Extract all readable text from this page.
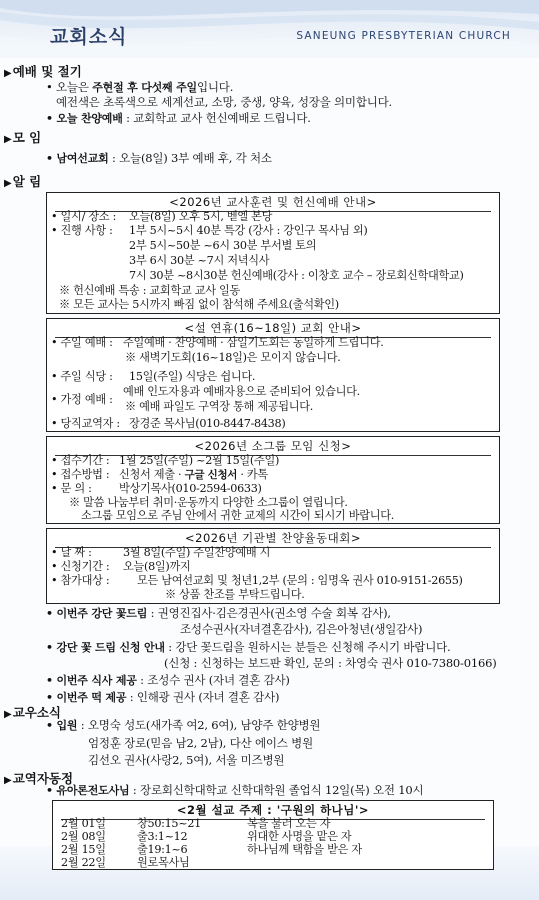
교회소식	SANEUNG PRESBYTERIAN CHURCH
▶예배 및 절기
• 오늘은 주현절 후 다섯째 주일입니다.
예전색은 초록색으로 세계선교, 소망, 중생, 양육, 성장을 의미합니다.
• 오늘 찬양예배 : 교회학교 교사 헌신예배로 드립니다.
▶모 임
• 남여선교회 : 오늘(8일) 3부 예배 후, 각 처소
▶알 림
<2026년 교사훈련 및 헌신예배 안내>
• 일시/ 장소 : 오늘(8일) 오후 5시, 벧엘 본당
• 진행 사항 : 1부 5시~5시 40분 특강 (강사 : 강인구 목사님 외)
2부 5시~50분 ~6시 30분 부서별 토의
3부 6시 30분 ~7시 저녁식사
7시 30분 ~8시30분 헌신예배(강사 : 이창호 교수 – 장로회신학대학교)
※ 헌신예배 특송 : 교회학교 교사 일동
※ 모든 교사는 5시까지 빠짐 없이 참석해 주세요(출석확인)
<설 연휴(16~18일) 교회 안내>
• 주일 예배 : 주일예배 · 찬양예배 · 삼일기도회는 동일하게 드립니다.
※ 새벽기도회(16~18일)은 모이지 않습니다.
• 주일 식당 : 15일(주일) 식당은 쉽니다.
예배 인도자용과 예배자용으로 준비되어 있습니다.
• 가정 예배 :
※ 예배 파일도 구역장 통해 제공됩니다.
• 당직교역자 : 장경준 목사님(010-8447-8438)
<2026년 소그룹 모임 신청>
• 접수기간 : 1월 25일(주일) ~2월 15일(주일)
• 접수방법 : 신청서 제출 · 구글 신청서 · 카톡
• 문 의 : 박상기목사(010-2594-0633)
※ 말씀 나눔부터 취미·운동까지 다양한 소그룹이 열립니다.
소그룹 모임으로 주님 안에서 귀한 교제의 시간이 되시기 바랍니다.
<2026년 기관별 찬양율동대회>
• 날 짜 :	3월 8일(주일) 주일찬양예배 시
• 신청기간 : 오늘(8일)까지
• 참가대상 : 모든 남여선교회 및 청년1,2부 (문의 : 임명옥 권사 010-9151-2655)
※ 상품 찬조를 부탁드립니다.
• 이번주 강단 꽃드림 : 권영진집사·김은경권사(권소영 수술 회복 감사),
조성수권사(자녀결혼감사), 김은아청년(생일감사)
• 강단 꽃 드림 신청 안내 : 강단 꽃드림을 원하시는 분들은 신청해 주시기 바랍니다.
(신청 : 신청하는 보드판 확인, 문의 : 차영숙 권사 010-7380-0166)
• 이번주 식사 제공 : 조성수 권사 (자녀 결혼 감사)
• 이번주 떡 제공 : 인해광 권사 (자녀 결혼 감사)
▶교우소식
• 입원 : 오명숙 성도(새가족 여2, 6여), 남양주 한양병원
엄정훈 장로(믿음 남2, 2남), 다산 에이스 병원
김선오 권사(사랑2, 5여), 서울 미즈병원
▶교역자동정
• 유아론전도사님 : 장로회신학대학교 신학대학원 졸업식 12일(목) 오전 10시
<2월 설교 주제 : '구원의 하나님'>
2월 01일	창50:15~21	복을 불러 오는 자
2월 08일	출3:1~12	위대한 사명을 맡은 자
2월 15일	출19:1~6	하나님께 택함을 받은 자
2월 22일	원로목사님
